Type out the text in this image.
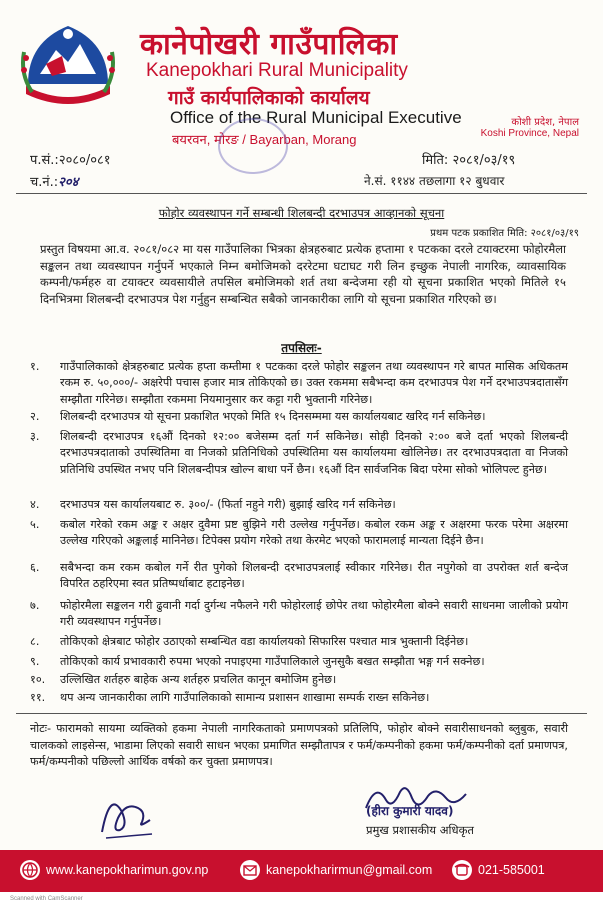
कानेपोखरी गाउँपालिका
Kanepokhari Rural Municipality
गाउँ कार्यपालिकाको कार्यालय
Office of the Rural Municipal Executive
बयरवन, मोरङ / Bayarban, Morang
कोशी प्रदेश, नेपाल
Koshi Province, Nepal
प.सं.:२०८०/०८१
च.नं.:२०४
मिति: २०८१/०३/१९
ने.सं. ११४४ तछलागा १२ बुधवार
फोहोर व्यवस्थापन गर्ने सम्बन्धी शिलबन्दी दरभाउपत्र आव्हानको सूचना
प्रथम पटक प्रकाशित मिति: २०८१/०३/१९
प्रस्तुत विषयमा आ.व. २०८१/०८२ मा यस गाउँपालिका भित्रका क्षेत्रहरुबाट प्रत्येक हप्तामा १ पटकका दरले टयाक्टरमा फोहोरमैला सङ्कलन तथा व्यवस्थापन गर्नुपर्ने भएकाले निम्न बमोजिमको दररेटमा घटाघट गरी लिन इच्छुक नेपाली नागरिक, व्यावसायिक कम्पनी/फर्महरु वा टयाक्टर व्यवसायीले तपसिल बमोजिमको शर्त तथा बन्देजमा रही यो सूचना प्रकाशित भएको मितिले १५ दिनभित्रमा शिलबन्दी दरभाउपत्र पेश गर्नुहुन सम्बन्धित सबैको जानकारीका लागि यो सूचना प्रकाशित गरिएको छ।
तपसिलः-
१.	गाउँपालिकाको क्षेत्रहरुबाट प्रत्येक हप्ता कम्तीमा १ पटकका दरले फोहोर सङ्कलन तथा व्यवस्थापन गरे बापत मासिक अधिकतम रकम रु. ५०,०००/- अक्षरेपी पचास हजार मात्र तोकिएको छ। उक्त रकममा सबैभन्दा कम दरभाउपत्र पेश गर्ने दरभाउपत्रदातासँग सम्झौता गरिनेछ। सम्झौता रकममा नियमानुसार कर कट्टा गरी भुक्तानी गरिनेछ।
२.	शिलबन्दी दरभाउपत्र यो सूचना प्रकाशित भएको मिति १५ दिनसम्ममा यस कार्यालयबाट खरिद गर्न सकिनेछ।
३.	शिलबन्दी दरभाउपत्र १६औं दिनको १२:०० बजेसम्म दर्ता गर्न सकिनेछ। सोही दिनको २:०० बजे दर्ता भएको शिलबन्दी दरभाउपत्रदाताको उपस्थितिमा वा निजको प्रतिनिधिको उपस्थितिमा यस कार्यालयमा खोलिनेछ। तर दरभाउपत्रदाता वा निजको प्रतिनिधि उपस्थित नभए पनि शिलबन्दीपत्र खोल्न बाधा पर्ने छैन। १६औं दिन सार्वजनिक बिदा परेमा सोको भोलिपल्ट हुनेछ।
४.	दरभाउपत्र यस कार्यालयबाट रु. ३००/- (फिर्ता नहुने गरी) बुझाई खरिद गर्न सकिनेछ।
५.	कबोल गरेको रकम अङ्क र अक्षर दुवैमा प्रष्ट बुझिने गरी उल्लेख गर्नुपर्नेछ। कबोल रकम अङ्क र अक्षरमा फरक परेमा अक्षरमा उल्लेख गरिएको अङ्कलाई मानिनेछ। टिपेक्स प्रयोग गरेको तथा केरमेट भएको फारामलाई मान्यता दिईने छैन।
६.	सबैभन्दा कम रकम कबोल गर्ने रीत पुगेको शिलबन्दी दरभाउपत्रलाई स्वीकार गरिनेछ। रीत नपुगेको वा उपरोक्त शर्त बन्देज विपरित ठहरिएमा स्वत प्रतिष्पर्धाबाट हटाइनेछ।
७.	फोहोरमैला सङ्कलन गरी ढुवानी गर्दा दुर्गन्ध नफैलने गरी फोहोरलाई छोपेर तथा फोहोरमैला बोक्ने सवारी साधनमा जालीको प्रयोग गरी व्यवस्थापन गर्नुपर्नेछ।
८.	तोकिएको क्षेत्रबाट फोहोर उठाएको सम्बन्धित वडा कार्यालयको सिफारिस पश्चात मात्र भुक्तानी दिईनेछ।
९.	तोकिएको कार्य प्रभावकारी रुपमा भएको नपाइएमा गाउँपालिकाले जुनसुकै बखत सम्झौता भङ्ग गर्न सक्नेछ।
१०.	उल्लिखित शर्तहरु बाहेक अन्य शर्तहरु प्रचलित कानून बमोजिम हुनेछ।
११.	थप अन्य जानकारीका लागि गाउँपालिकाको सामान्य प्रशासन शाखामा सम्पर्क राख्न सकिनेछ।
नोटः- फारामको सायमा व्यक्तिको हकमा नेपाली नागरिकताको प्रमाणपत्रको प्रतिलिपि, फोहोर बोक्ने सवारीसाधनको ब्लुबुक, सवारी चालकको लाइसेन्स, भाडामा लिएको सवारी साधन भएका प्रमाणित सम्झौतापत्र र फर्म/कम्पनीको हकमा फर्म/कम्पनीको दर्ता प्रमाणपत्र, फर्म/कम्पनीको पछिल्लो आर्थिक वर्षको कर चुक्ता प्रमाणपत्र।
(हीरा कुमारी यादव)
प्रमुख प्रशासकीय अधिकृत
www.kanepokharimun.gov.np	kanepokharirmun@gmail.com	021-585001
Scanned with CamScanner
